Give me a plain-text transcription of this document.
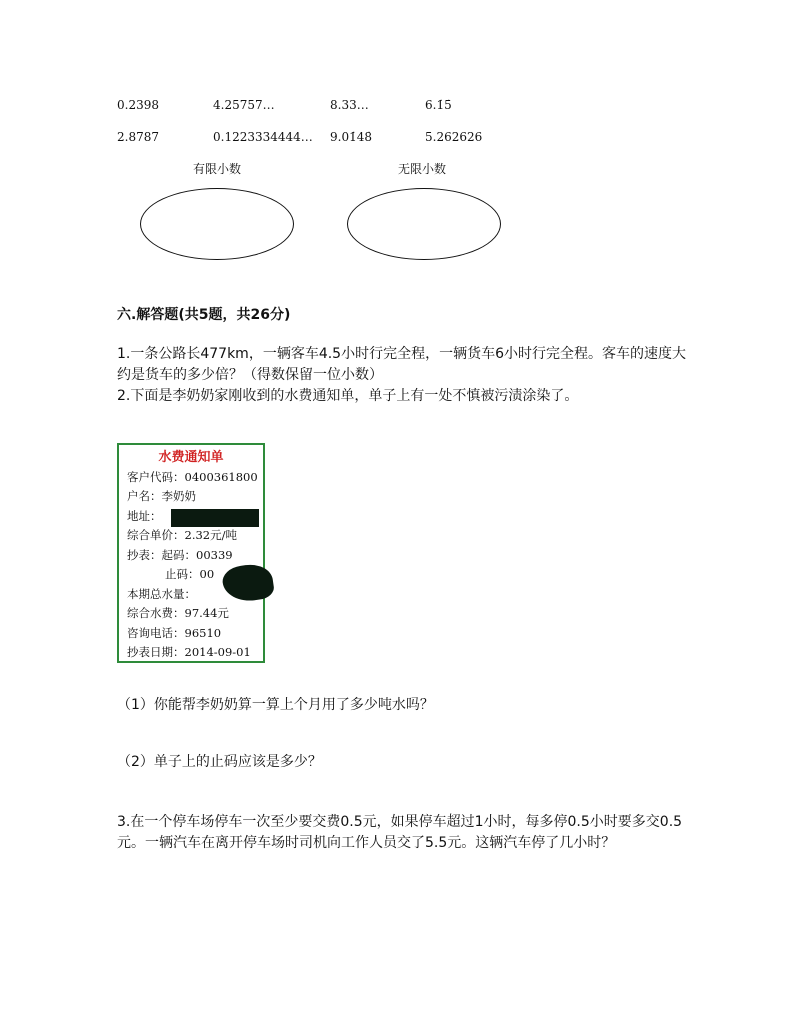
0.2398	4.25757…	8.33…	6.1̇5̇
2.8787	0.1223334444… 9.01̇48̇	5.262626
有限小数	无限小数
六.解答题(共5题，共26分)
1.一条公路长477km，一辆客车4.5小时行完全程，一辆货车6小时行完全程。客车的速度大约是货车的多少倍？（得数保留一位小数）
2.下面是李奶奶家刚收到的水费通知单，单子上有一处不慎被污渍涂染了。
水费通知单
客户代码：0400361800
户名：李奶奶
地址：
综合单价：2.32元/吨
抄表：起码：00339
止码：00
本期总水量：
综合水费：97.44元
咨询电话：96510
抄表日期：2014-09-01
（1）你能帮李奶奶算一算上个月用了多少吨水吗？
（2）单子上的止码应该是多少？
3.在一个停车场停车一次至少要交费0.5元，如果停车超过1小时，每多停0.5小时要多交0.5元。一辆汽车在离开停车场时司机向工作人员交了5.5元。这辆汽车停了几小时？
